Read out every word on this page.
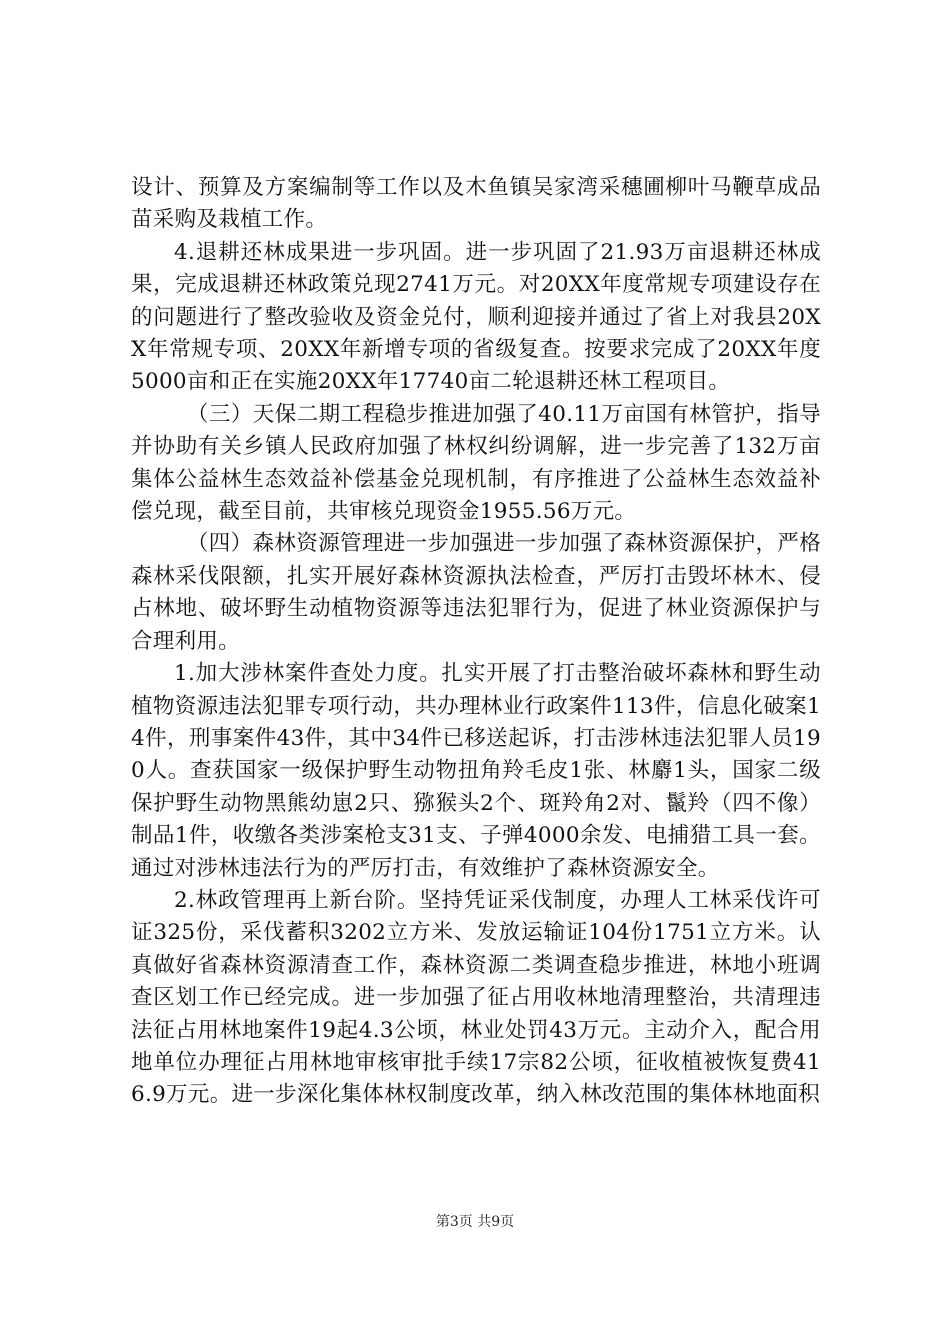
设计、预算及方案编制等工作以及木鱼镇吴家湾采穗圃柳叶马鞭草成品苗采购及栽植工作。

4.退耕还林成果进一步巩固。进一步巩固了21.93万亩退耕还林成果，完成退耕还林政策兑现2741万元。对20XX年度常规专项建设存在的问题进行了整改验收及资金兑付，顺利迎接并通过了省上对我县20XX年常规专项、20XX年新增专项的省级复查。按要求完成了20XX年度5000亩和正在实施20XX年17740亩二轮退耕还林工程项目。

（三）天保二期工程稳步推进加强了40.11万亩国有林管护，指导并协助有关乡镇人民政府加强了林权纠纷调解，进一步完善了132万亩集体公益林生态效益补偿基金兑现机制，有序推进了公益林生态效益补偿兑现，截至目前，共审核兑现资金1955.56万元。

（四）森林资源管理进一步加强进一步加强了森林资源保护，严格森林采伐限额，扎实开展好森林资源执法检查，严厉打击毁坏林木、侵占林地、破坏野生动植物资源等违法犯罪行为，促进了林业资源保护与合理利用。

1.加大涉林案件查处力度。扎实开展了打击整治破坏森林和野生动植物资源违法犯罪专项行动，共办理林业行政案件113件，信息化破案14件，刑事案件43件，其中34件已移送起诉，打击涉林违法犯罪人员190人。查获国家一级保护野生动物扭角羚毛皮1张、林麝1头，国家二级保护野生动物黑熊幼崽2只、猕猴头2个、斑羚角2对、鬣羚（四不像）制品1件，收缴各类涉案枪支31支、子弹4000余发、电捕猎工具一套。通过对涉林违法行为的严厉打击，有效维护了森林资源安全。

2.林政管理再上新台阶。坚持凭证采伐制度，办理人工林采伐许可证325份，采伐蓄积3202立方米、发放运输证104份1751立方米。认真做好省森林资源清查工作，森林资源二类调查稳步推进，林地小班调查区划工作已经完成。进一步加强了征占用收林地清理整治，共清理违法征占用林地案件19起4.3公顷，林业处罚43万元。主动介入，配合用地单位办理征占用林地审核审批手续17宗82公顷，征收植被恢复费416.9万元。进一步深化集体林权制度改革，纳入林改范围的集体林地面积

第3页 共9页
